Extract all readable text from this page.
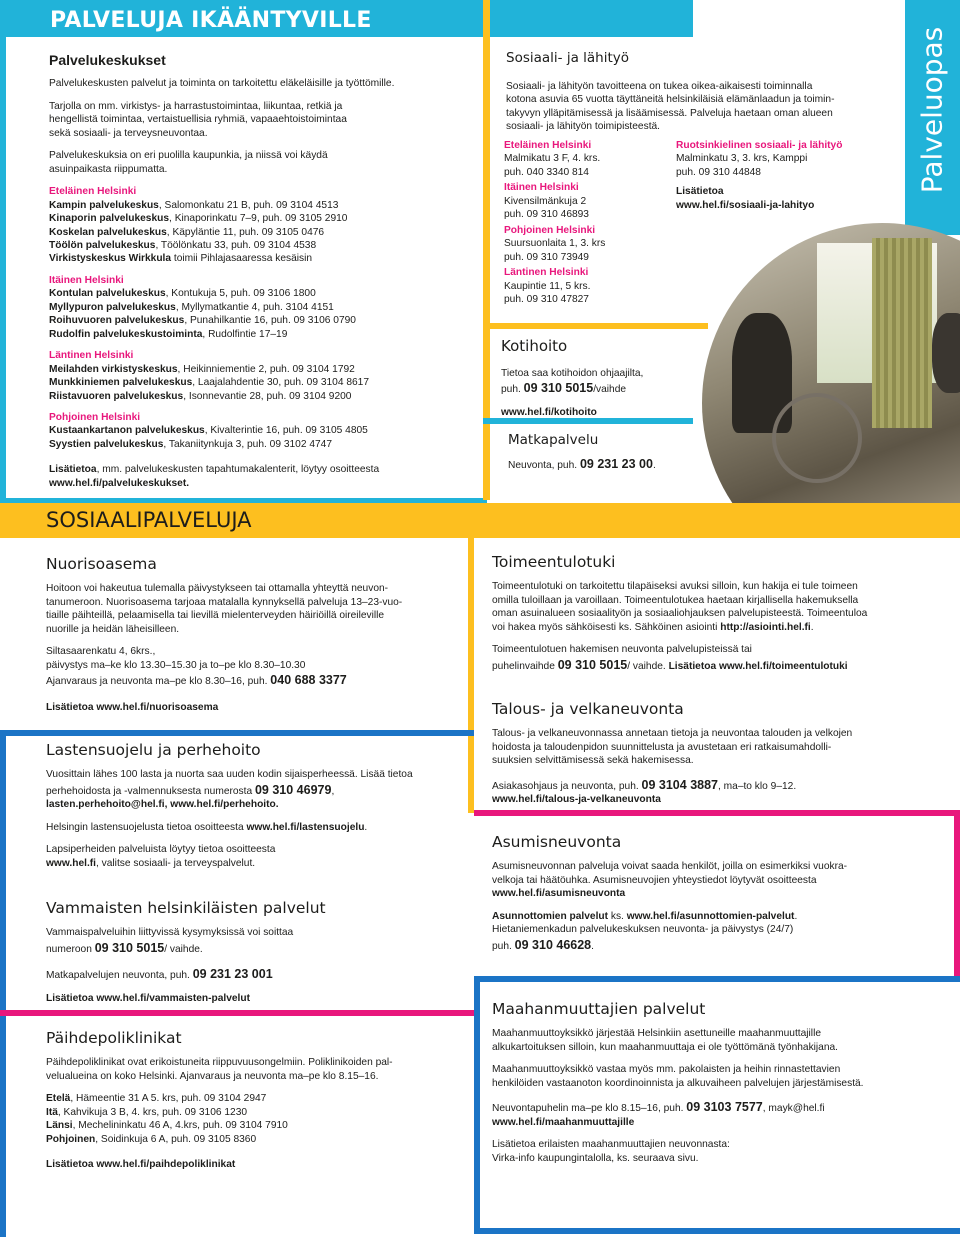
PALVELUJA IKÄÄNTYVILLE
Palveluopas
Palvelukeskukset
Palvelukeskusten palvelut ja toiminta on tarkoitettu eläkeläisille ja työttömille.
Tarjolla on mm. virkistys- ja harrastustoimintaa, liikuntaa, retkiä ja
hengellistä toimintaa, vertaistuellisia ryhmiä, vapaaehtoistoimintaa
sekä sosiaali- ja terveysneuvontaa.
Palvelukeskuksia on eri puolilla kaupunkia, ja niissä voi käydä
asuinpaikasta riippumatta.
Eteläinen Helsinki
Kampin palvelukeskus, Salomonkatu 21 B, puh. 09 3104 4513
Kinaporin palvelukeskus, Kinaporinkatu 7–9, puh. 09 3105 2910
Koskelan palvelukeskus, Käpyläntie 11, puh. 09 3105 0476
Töölön palvelukeskus, Töölönkatu 33, puh. 09 3104 4538
Virkistyskeskus Wirkkula toimii Pihlajasaaressa kesäisin
Itäinen Helsinki
Kontulan palvelukeskus, Kontukuja 5, puh. 09 3106 1800
Myllypuron palvelukeskus, Myllymatkantie 4, puh. 3104 4151
Roihuvuoren palvelukeskus, Punahilkantie 16, puh. 09 3106 0790
Rudolfin palvelukeskustoiminta, Rudolfintie 17–19
Läntinen Helsinki
Meilahden virkistyskeskus, Heikinniementie 2, puh. 09 3104 1792
Munkkiniemen palvelukeskus, Laajalahdentie 30, puh. 09 3104 8617
Riistavuoren palvelukeskus, Isonnevantie 28, puh. 09 3104 9200
Pohjoinen Helsinki
Kustaankartanon palvelukeskus, Kivalterintie 16, puh. 09 3105 4805
Syystien palvelukeskus, Takaniitynkuja 3, puh. 09 3102 4747
Lisätietoa, mm. palvelukeskusten tapahtumakalenterit, löytyy osoitteesta
www.hel.fi/palvelukeskukset.
Sosiaali- ja lähityö
Sosiaali- ja lähityön tavoitteena on tukea oikea-aikaisesti toiminnalla
kotona asuvia 65 vuotta täyttäneitä helsinkiläisiä elämänlaadun ja toimin-
takyvyn ylläpitämisessä ja lisäämisessä. Palveluja haetaan oman alueen
sosiaali- ja lähityön toimipisteestä.
Eteläinen Helsinki
Malmikatu 3 F, 4. krs.
puh. 040 3340 814
Itäinen Helsinki
Kivensilmänkuja 2
puh. 09 310 46893
Pohjoinen Helsinki
Suursuonlaita 1, 3. krs
puh. 09 310 73949
Läntinen Helsinki
Kaupintie 11, 5 krs.
puh. 09 310 47827
Ruotsinkielinen sosiaali- ja lähityö
Malminkatu 3, 3. krs, Kamppi
puh. 09 310 44848
Lisätietoa
www.hel.fi/sosiaali-ja-lahityo
Kotihoito
Tietoa saa kotihoidon ohjaajilta,
puh. 09 310 5015/vaihde
www.hel.fi/kotihoito
Matkapalvelu
Neuvonta, puh. 09 231 23 00.
SOSIAALIPALVELUJA
Nuorisoasema
Hoitoon voi hakeutua tulemalla päivystykseen tai ottamalla yhteyttä neuvon-
tanumeroon. Nuorisoasema tarjoaa matalalla kynnyksellä palveluja 13–23-vuo-
tiaille päihteillä, pelaamisella tai lievillä mielenterveyden häiriöillä oireileville
nuorille ja heidän läheisilleen.
Siltasaarenkatu 4, 6krs.,
päivystys ma–ke klo 13.30–15.30 ja to–pe klo 8.30–10.30
Ajanvaraus ja neuvonta ma–pe klo 8.30–16, puh. 040 688 3377
Lisätietoa www.hel.fi/nuorisoasema
Lastensuojelu ja perhehoito
Vuosittain lähes 100 lasta ja nuorta saa uuden kodin sijaisperheessä. Lisää tietoa
perhehoidosta ja -valmennuksesta numerosta 09 310 46979,
lasten.perhehoito@hel.fi, www.hel.fi/perhehoito.
Helsingin lastensuojelusta tietoa osoitteesta www.hel.fi/lastensuojelu.
Lapsiperheiden palveluista löytyy tietoa osoitteesta
www.hel.fi, valitse sosiaali- ja terveyspalvelut.
Vammaisten helsinkiläisten palvelut
Vammaispalveluihin liittyvissä kysymyksissä voi soittaa
numeroon 09 310 5015/ vaihde.
Matkapalvelujen neuvonta, puh. 09 231 23 001
Lisätietoa www.hel.fi/vammaisten-palvelut
Päihdepoliklinikat
Päihdepoliklinikat ovat erikoistuneita riippuvuusongelmiin. Poliklinikoiden pal-
velualueina on koko Helsinki. Ajanvaraus ja neuvonta ma–pe klo 8.15–16.
Etelä, Hämeentie 31 A 5. krs, puh. 09 3104 2947
Itä, Kahvikuja 3 B, 4. krs, puh. 09 3106 1230
Länsi, Mechelininkatu 46 A, 4.krs, puh. 09 3104 7910
Pohjoinen, Soidinkuja 6 A, puh. 09 3105 8360
Lisätietoa www.hel.fi/paihdepoliklinikat
Toimeentulotuki
Toimeentulotuki on tarkoitettu tilapäiseksi avuksi silloin, kun hakija ei tule toimeen
omilla tuloillaan ja varoillaan. Toimeentulotukea haetaan kirjallisella hakemuksella
oman asuinalueen sosiaalityön ja sosiaaliohjauksen palvelupisteestä. Toimeentuloa
voi hakea myös sähköisesti ks. Sähköinen asiointi http://asiointi.hel.fi.
Toimeentulotuen hakemisen neuvonta palvelupisteissä tai
puhelinvaihde 09 310 5015/ vaihde. Lisätietoa www.hel.fi/toimeentulotuki
Talous- ja velkaneuvonta
Talous- ja velkaneuvonnassa annetaan tietoja ja neuvontaa talouden ja velkojen
hoidosta ja taloudenpidon suunnittelusta ja avustetaan eri ratkaisumahdolli-
suuksien selvittämisessä sekä hakemisessa.
Asiakasohjaus ja neuvonta, puh. 09 3104 3887, ma–to klo 9–12.
www.hel.fi/talous-ja-velkaneuvonta
Asumisneuvonta
Asumisneuvonnan palveluja voivat saada henkilöt, joilla on esimerkiksi vuokra-
velkoja tai häätöuhka. Asumisneuvojien yhteystiedot löytyvät osoitteesta
www.hel.fi/asumisneuvonta
Asunnottomien palvelut ks. www.hel.fi/asunnottomien-palvelut.
Hietaniemenkadun palvelukeskuksen neuvonta- ja päivystys (24/7)
puh. 09 310 46628.
Maahanmuuttajien palvelut
Maahanmuuttoyksikkö järjestää Helsinkiin asettuneille maahanmuuttajille
alkukartoituksen silloin, kun maahanmuuttaja ei ole työttömänä työnhakijana.
Maahanmuuttoyksikkö vastaa myös mm. pakolaisten ja heihin rinnastettavien
henkilöiden vastaanoton koordinoinnista ja alkuvaiheen palvelujen järjestämisestä.
Neuvontapuhelin ma–pe klo 8.15–16, puh. 09 3103 7577, mayk@hel.fi
www.hel.fi/maahanmuuttajille
Lisätietoa erilaisten maahanmuuttajien neuvonnasta:
Virka-info kaupungintalolla, ks. seuraava sivu.
